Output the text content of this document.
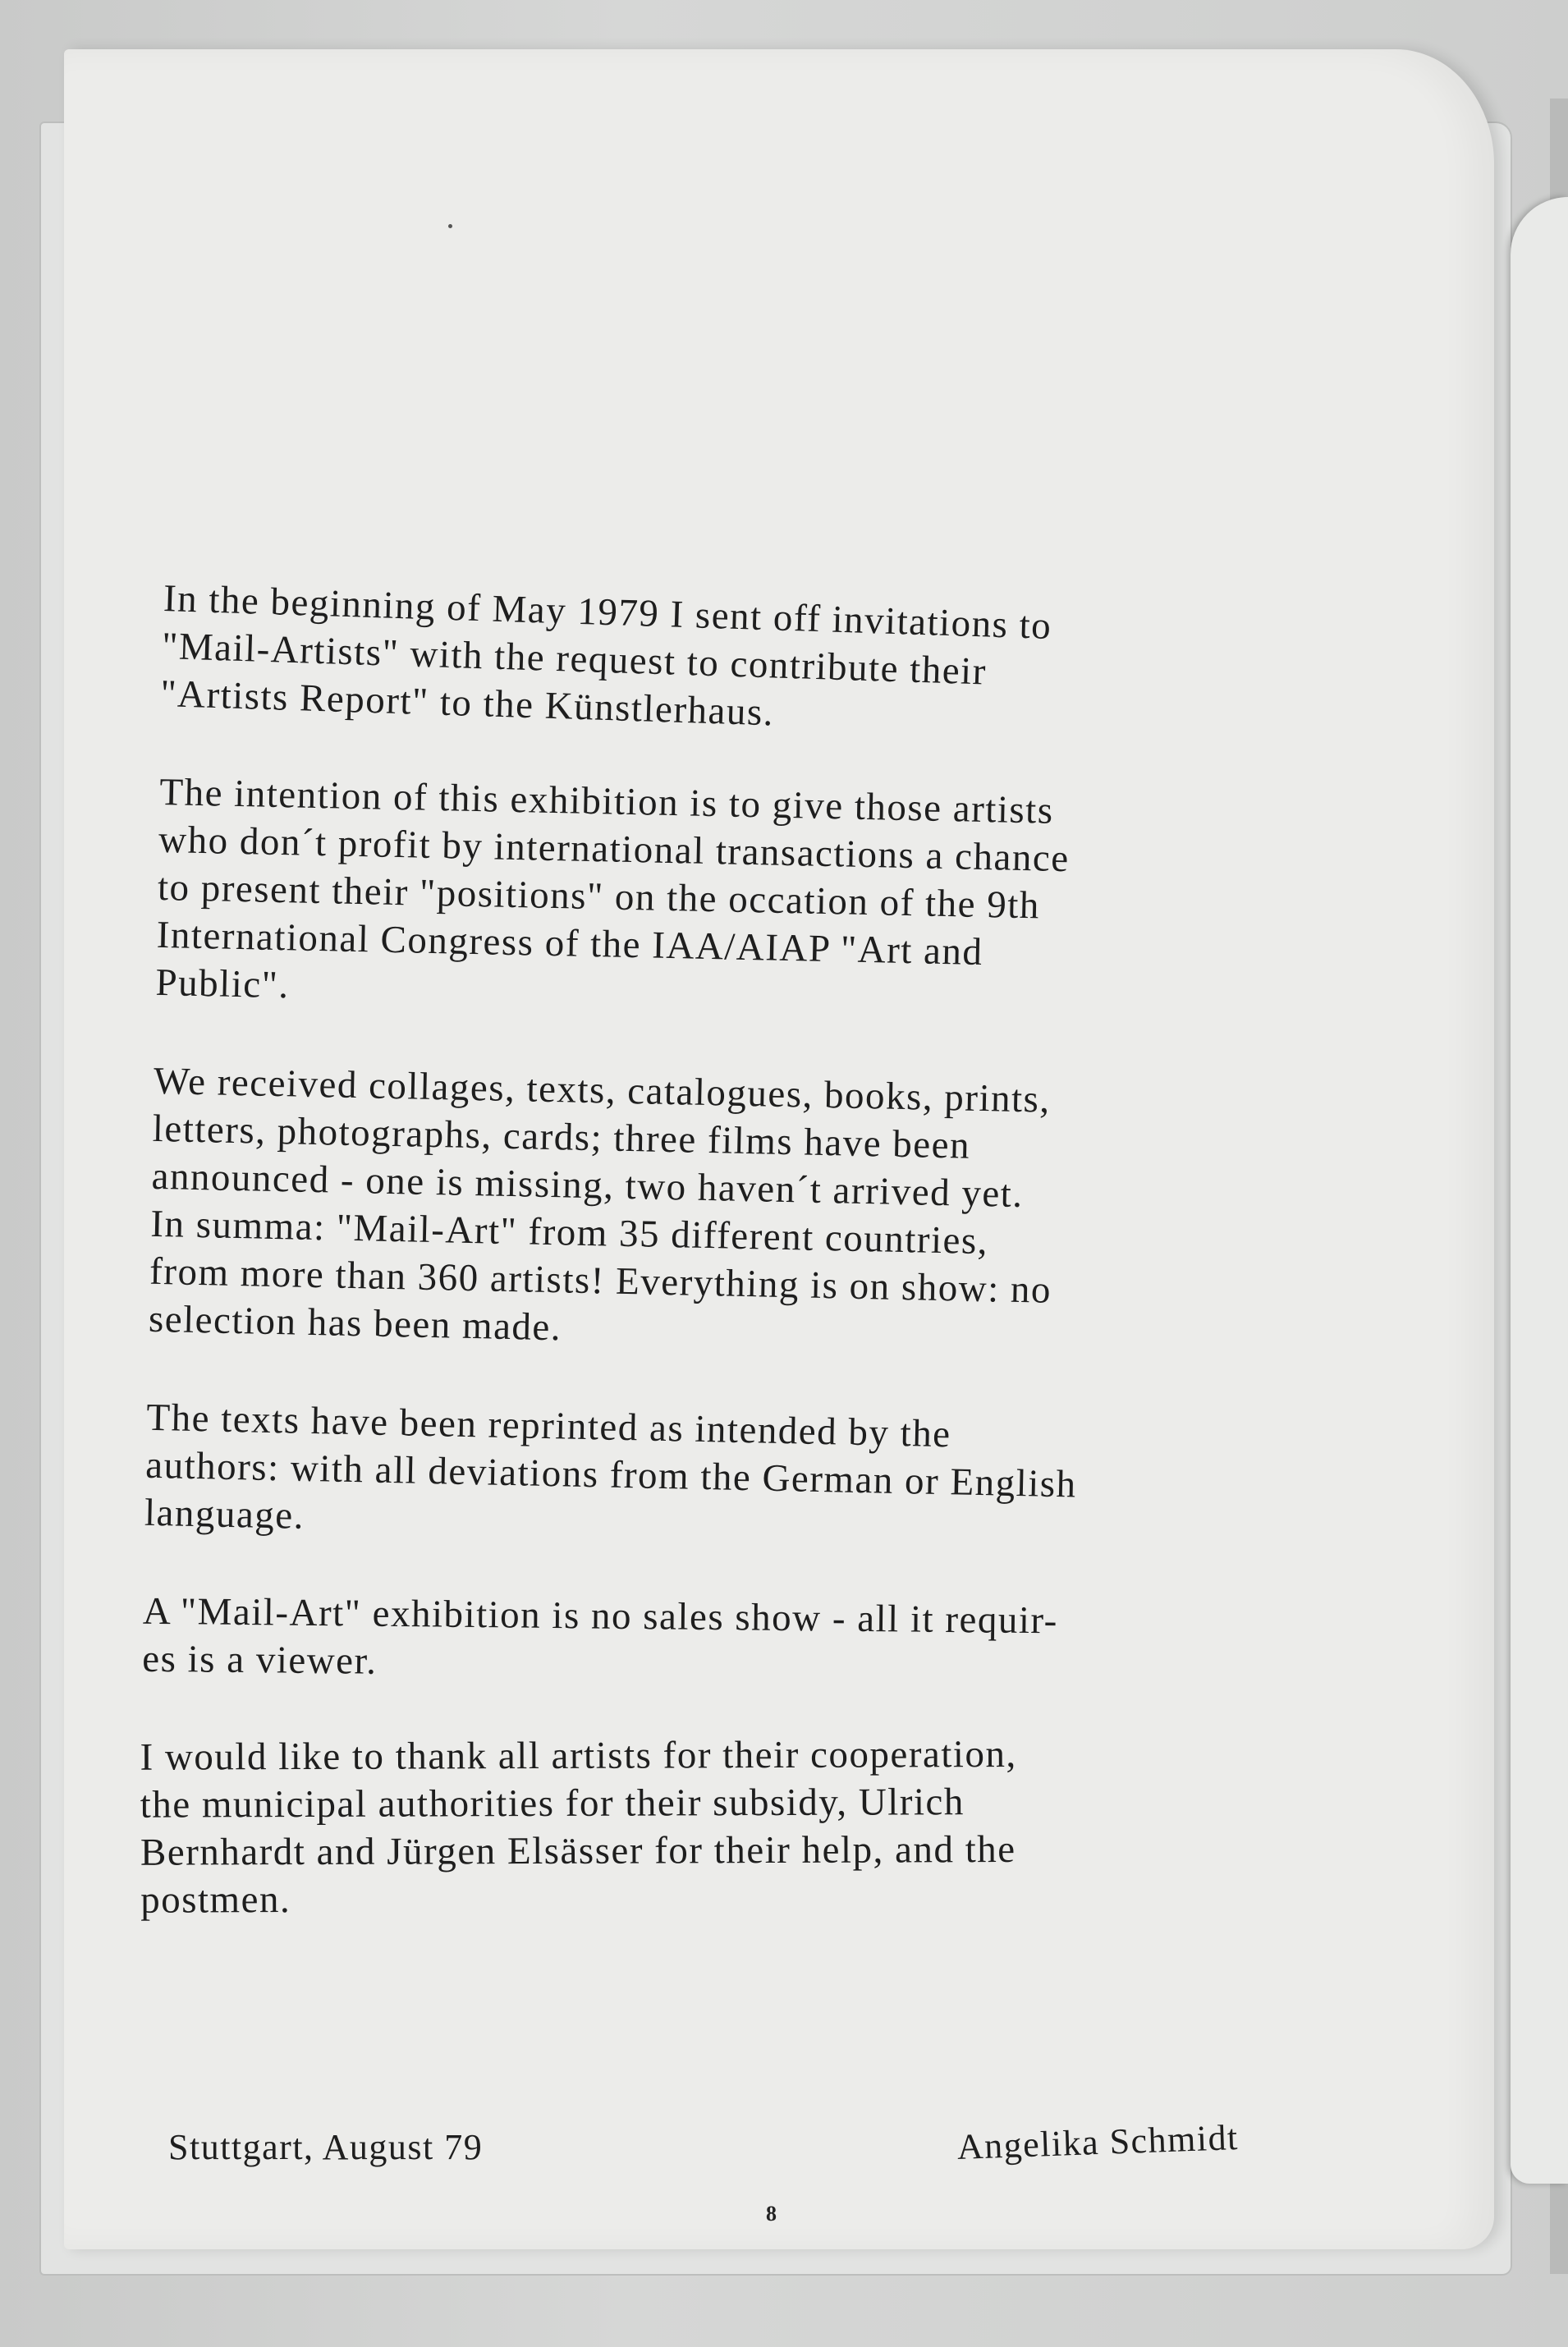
In the beginning of May 1979 I sent off invitations to
"Mail-Artists" with the request to contribute their
"Artists Report" to the Künstlerhaus.

The intention of this exhibition is to give those artists
who don´t profit by international transactions a chance
to present their "positions" on the occation of the 9th
International Congress of the IAA/AIAP "Art and
Public".

We received collages, texts, catalogues, books, prints,
letters, photographs, cards; three films have been
announced - one is missing, two haven´t arrived yet.
In summa: "Mail-Art" from 35 different countries,
from more than 360 artists! Everything is on show: no
selection has been made.

The texts have been reprinted as intended by the
authors: with all deviations from the German or English
language.

A "Mail-Art" exhibition is no sales show - all it requir-
es is a viewer.

I would like to thank all artists for their cooperation,
the municipal authorities for their subsidy, Ulrich
Bernhardt and Jürgen Elsässer for their help, and the
postmen.

Stuttgart, August 79	Angelika Schmidt
8
